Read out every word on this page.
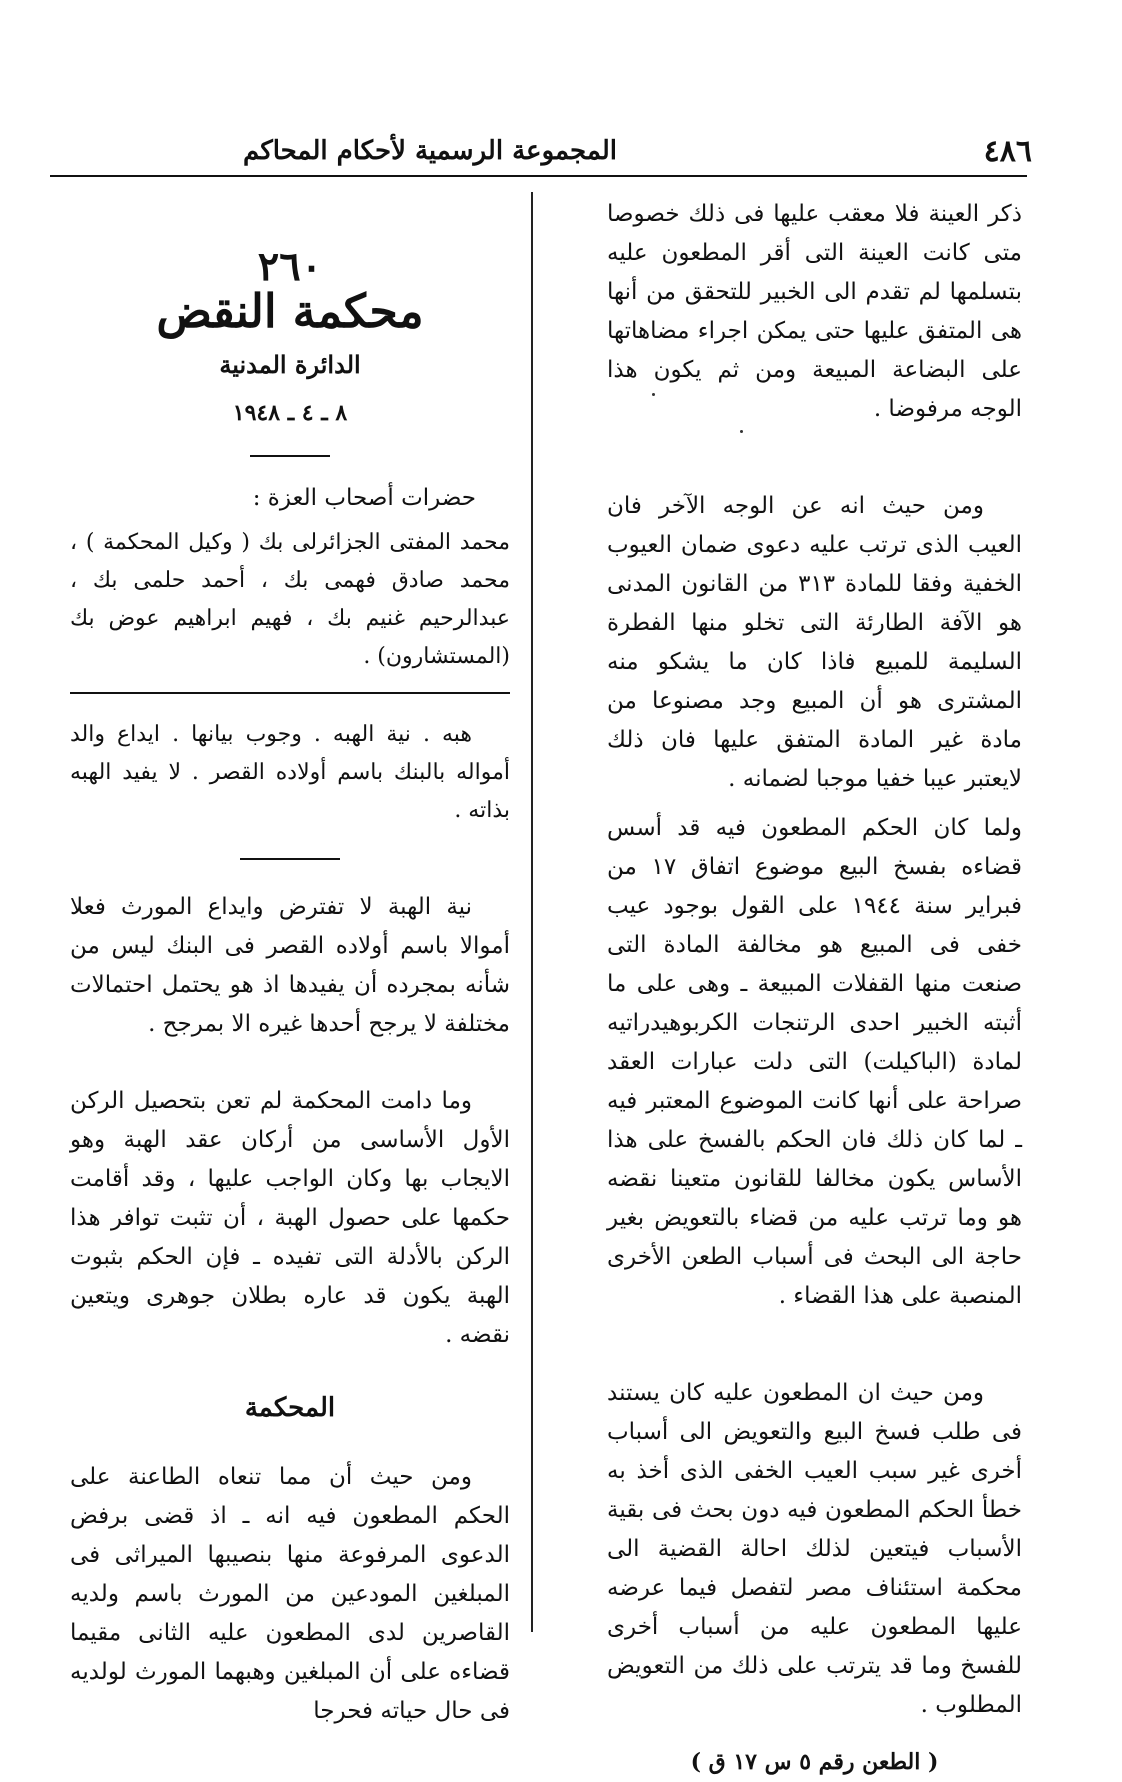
٤٨٦
المجموعة الرسمية لأحكام المحاكم

ذكر العينة فلا معقب عليها فى ذلك خصوصا متى كانت العينة التى أقر المطعون عليه بتسلمها لم تقدم الى الخبير للتحقق من أنها هى المتفق عليها حتى يمكن اجراء مضاهاتها على البضاعة المبيعة ومن ثم يكون هذا الوجه مرفوضا .

ومن حيث انه عن الوجه الآخر فان العيب الذى ترتب عليه دعوى ضمان العيوب الخفية وفقا للمادة ٣١٣ من القانون المدنى هو الآفة الطارئة التى تخلو منها الفطرة السليمة للمبيع فاذا كان ما يشكو منه المشترى هو أن المبيع وجد مصنوعا من مادة غير المادة المتفق عليها فان ذلك لايعتبر عيبا خفيا موجبا لضمانه .

ولما كان الحكم المطعون فيه قد أسس قضاءه بفسخ البيع موضوع اتفاق ١٧ من فبراير سنة ١٩٤٤ على القول بوجود عيب خفى فى المبيع هو مخالفة المادة التى صنعت منها القفلات المبيعة ـ وهى على ما أثبته الخبير احدى الرتنجات الكربوهيدراتيه لمادة (الباكيلت) التى دلت عبارات العقد صراحة على أنها كانت الموضوع المعتبر فيه ـ لما كان ذلك فان الحكم بالفسخ على هذا الأساس يكون مخالفا للقانون متعينا نقضه هو وما ترتب عليه من قضاء بالتعويض بغير حاجة الى البحث فى أسباب الطعن الأخرى المنصبة على هذا القضاء .

ومن حيث ان المطعون عليه كان يستند فى طلب فسخ البيع والتعويض الى أسباب أخرى غير سبب العيب الخفى الذى أخذ به خطأ الحكم المطعون فيه دون بحث فى بقية الأسباب فيتعين لذلك احالة القضية الى محكمة استئناف مصر لتفصل فيما عرضه عليها المطعون عليه من أسباب أخرى للفسخ وما قد يترتب على ذلك من التعويض المطلوب .

( الطعن رقم ٥ س ١٧ ق )
٢٦٠
محكمة النقض
الدائرة المدنية
٨ ـ ٤ ـ ١٩٤٨
حضرات أصحاب العزة :
محمد المفتى الجزائرلى بك ( وكيل المحكمة ) ، محمد صادق فهمى بك ، أحمد حلمى بك ، عبدالرحيم غنيم بك ، فهيم ابراهيم عوض بك (المستشارون) .
هبه . نية الهبه . وجوب بيانها . ايداع والد أمواله بالبنك باسم أولاده القصر . لا يفيد الهبه بذاته .

نية الهبة لا تفترض وايداع المورث فعلا أموالا باسم أولاده القصر فى البنك ليس من شأنه بمجرده أن يفيدها اذ هو يحتمل احتمالات مختلفة لا يرجح أحدها غيره الا بمرجح .

وما دامت المحكمة لم تعن بتحصيل الركن الأول الأساسى من أركان عقد الهبة وهو الايجاب بها وكان الواجب عليها ، وقد أقامت حكمها على حصول الهبة ، أن تثبت توافر هذا الركن بالأدلة التى تفيده ـ فإن الحكم بثبوت الهبة يكون قد عاره بطلان جوهرى ويتعين نقضه .

المحكمة

ومن حيث أن مما تنعاه الطاعنة على الحكم المطعون فيه انه ـ اذ قضى برفض الدعوى المرفوعة منها بنصيبها الميراثى فى المبلغين المودعين من المورث باسم ولديه القاصرين لدى المطعون عليه الثانى مقيما قضاءه على أن المبلغين وهبهما المورث لولديه فى حال حياته فحرجا
